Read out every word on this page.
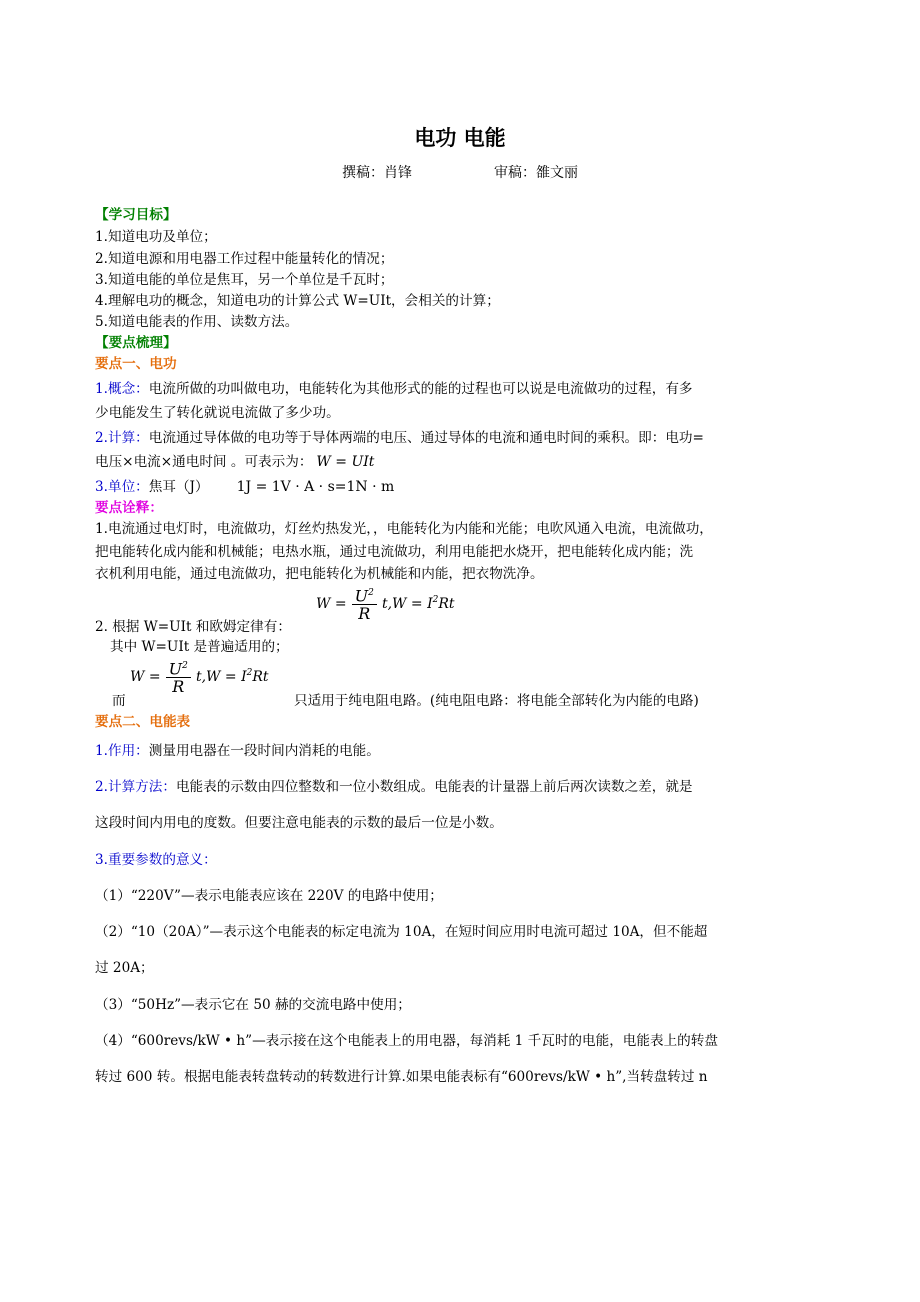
电功 电能
撰稿：肖锋	审稿：雒文丽
【学习目标】
1.知道电功及单位；
2.知道电源和用电器工作过程中能量转化的情况；
3.知道电能的单位是焦耳，另一个单位是千瓦时；
4.理解电功的概念，知道电功的计算公式 W=UIt，会相关的计算；
5.知道电能表的作用、读数方法。
【要点梳理】
要点一、电功
1.概念：电流所做的功叫做电功，电能转化为其他形式的能的过程也可以说是电流做功的过程，有多
少电能发生了转化就说电流做了多少功。
2.计算：电流通过导体做的电功等于导体两端的电压、通过导体的电流和通电时间的乘积。即：电功=
电压×电流×通电时间 。可表示为： W = UIt
3.单位：焦耳（J） 1J = 1V · A · s=1N · m
要点诠释：
1.电流通过电灯时，电流做功，灯丝灼热发光，，电能转化为内能和光能；电吹风通入电流，电流做功，
把电能转化成内能和机械能；电热水瓶，通过电流做功，利用电能把水烧开，把电能转化成内能；洗
衣机利用电能，通过电流做功，把电能转化为机械能和内能，把衣物洗净。
$W = \frac{U^2}{R} t,W = I^2Rt$
2. 根据 W=UIt 和欧姆定律有：
其中 W=UIt 是普遍适用的；
$W = \frac{U^2}{R} t,W = I^2Rt$
而	只适用于纯电阻电路。(纯电阻电路：将电能全部转化为内能的电路)
要点二、电能表
1.作用：测量用电器在一段时间内消耗的电能。
2.计算方法：电能表的示数由四位整数和一位小数组成。电能表的计量器上前后两次读数之差，就是
这段时间内用电的度数。但要注意电能表的示数的最后一位是小数。
3.重要参数的意义：
（1）“220V”—表示电能表应该在 220V 的电路中使用；
（2）“10（20A）”—表示这个电能表的标定电流为 10A，在短时间应用时电流可超过 10A，但不能超
过 20A；
（3）“50Hz”—表示它在 50 赫的交流电路中使用；
（4）“600revs/kW • h”—表示接在这个电能表上的用电器，每消耗 1 千瓦时的电能，电能表上的转盘
转过 600 转。根据电能表转盘转动的转数进行计算.如果电能表标有“600revs/kW • h”,当转盘转过 n
